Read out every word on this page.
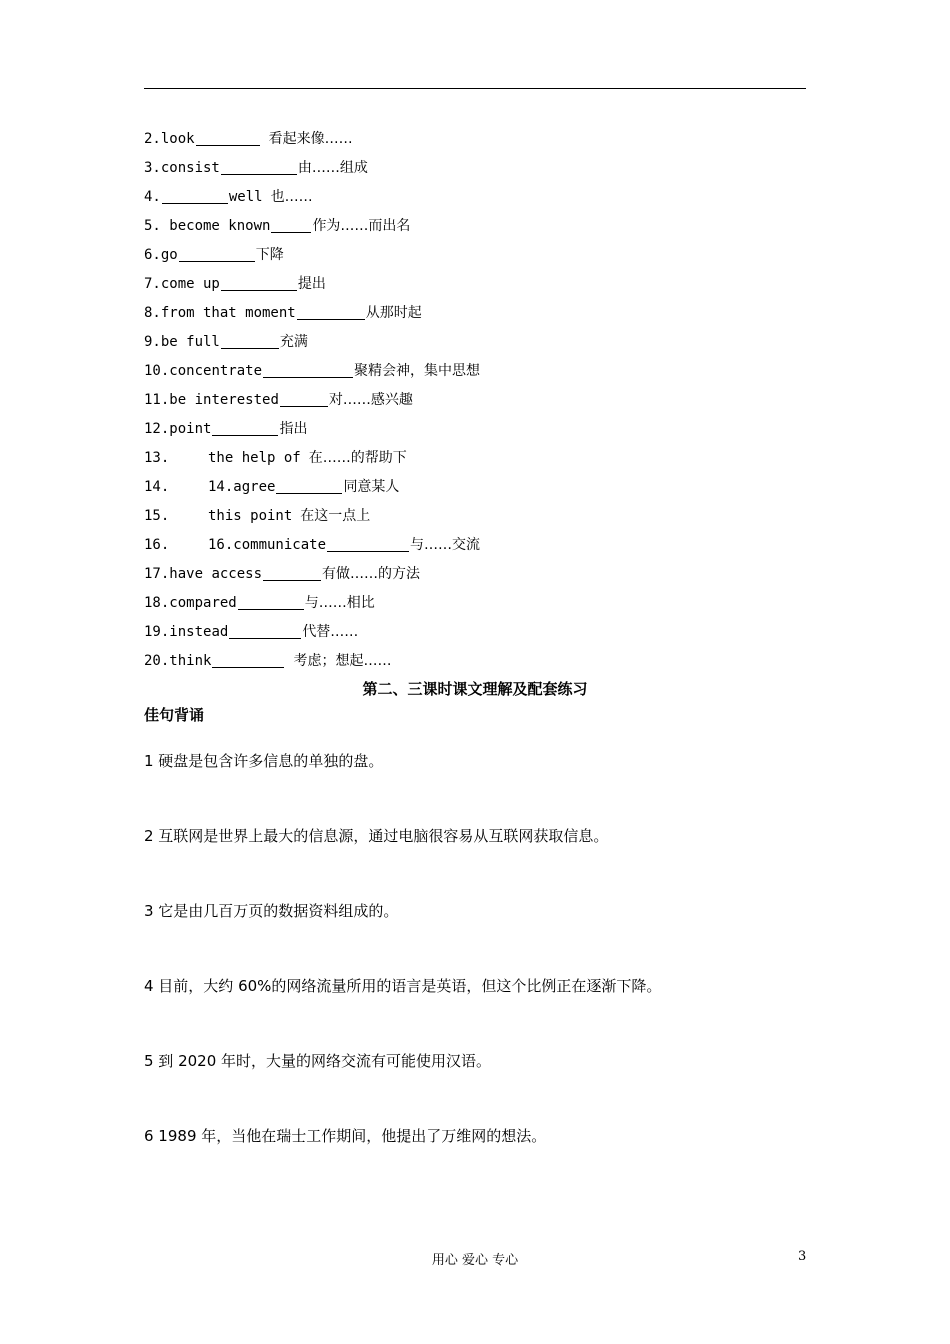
2. look	看起来像……
3. consist	由……组成
4.	well 也……
5. become known	作为……而出名
6. go	下降
7. come up	提出
8. from that moment	从那时起
9. be full	充满
10. concentrate	聚精会神，集中思想
11. be interested	对……感兴趣
12. point	指出
13.	the help of 在……的帮助下
14.	14.agree	同意某人
15.	this point 在这一点上
16.	16.communicate	与……交流
17. have access	有做……的方法
18. compared	与……相比
19. instead	代替……
20. think	考虑；想起……
第二、三课时课文理解及配套练习
佳句背诵
1 硬盘是包含许多信息的单独的盘。
2 互联网是世界上最大的信息源，通过电脑很容易从互联网获取信息。
3 它是由几百万页的数据资料组成的。
4 目前，大约 60%的网络流量所用的语言是英语，但这个比例正在逐渐下降。
5 到 2020 年时，大量的网络交流有可能使用汉语。
6 1989 年，当他在瑞士工作期间，他提出了万维网的想法。
用心 爱心 专心	3
